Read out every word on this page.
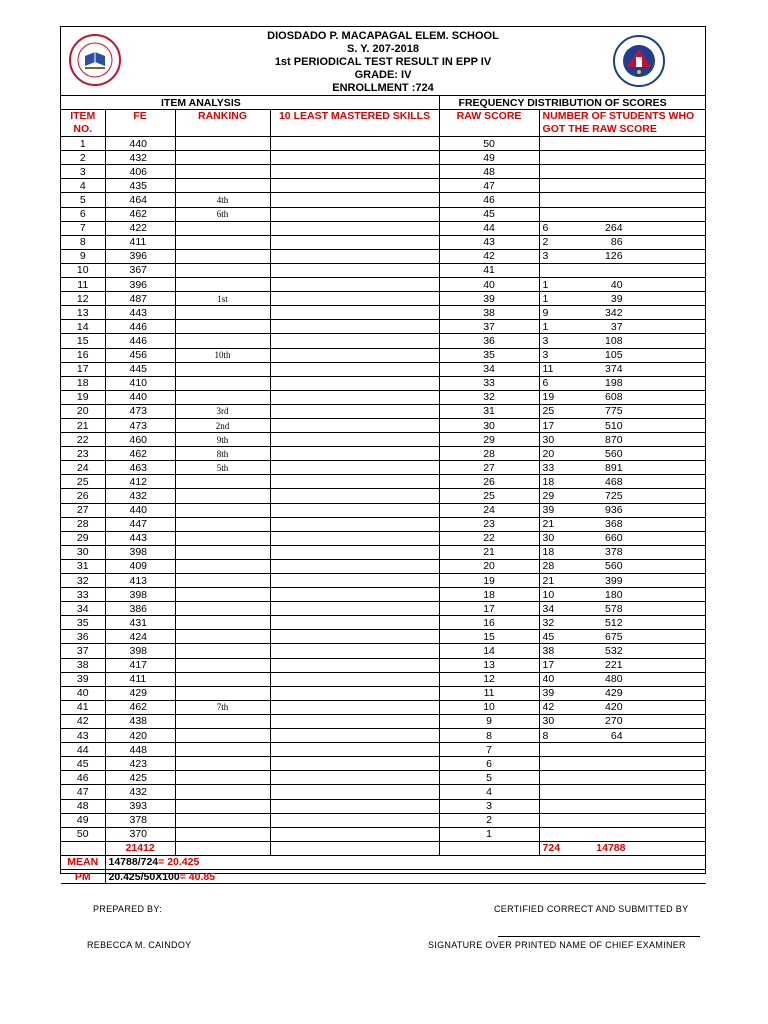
DIOSDADO P. MACAPAGAL ELEM. SCHOOL
S. Y. 207-2018
1st PERIODICAL TEST RESULT IN EPP IV
GRADE: IV
ENROLLMENT :724
ITEM ANALYSIS				FREQUENCY DISTRIBUTION OF SCORES	
ITEM NO.	FE	RANKING	10 LEAST MASTERED SKILLS	RAW SCORE	NUMBER OF STUDENTS WHO GOT THE RAW SCORE
1	440			50	
2	432			49	
3	406			48	
4	435			47	
5	464	4th		46	
6	462	6th		45	
7	422			44	6 264
8	411			43	2 86
9	396			42	3 126
10	367			41	
11	396			40	1 40
12	487	1st		39	1 39
13	443			38	9 342
14	446			37	1 37
15	446			36	3 108
16	456	10th		35	3 105
17	445			34	11 374
18	410			33	6 198
19	440			32	19 608
20	473	3rd		31	25 775
21	473	2nd		30	17 510
22	460	9th		29	30 870
23	462	8th		28	20 560
24	463	5th		27	33 891
25	412			26	18 468
26	432			25	29 725
27	440			24	39 936
28	447			23	21 368
29	443			22	30 660
30	398			21	18 378
31	409			20	28 560
32	413			19	21 399
33	398			18	10 180
34	386			17	34 578
35	431			16	32 512
36	424			15	45 675
37	398			14	38 532
38	417			13	17 221
39	411			12	40 480
40	429			11	39 429
41	462	7th		10	42 420
42	438			9	30 270
43	420			8	8 64
44	448			7	
45	423			6	
46	425			5	
47	432			4	
48	393			3	
49	378			2	
50	370			1	
	21412				724 14788
MEAN	14788/724= 20.425				
PM	20.425/50X100= 40.85				
PREPARED BY:	CERTIFIED CORRECT AND SUBMITTED BY
REBECCA M. CAINDOY	SIGNATURE OVER PRINTED NAME OF CHIEF EXAMINER
